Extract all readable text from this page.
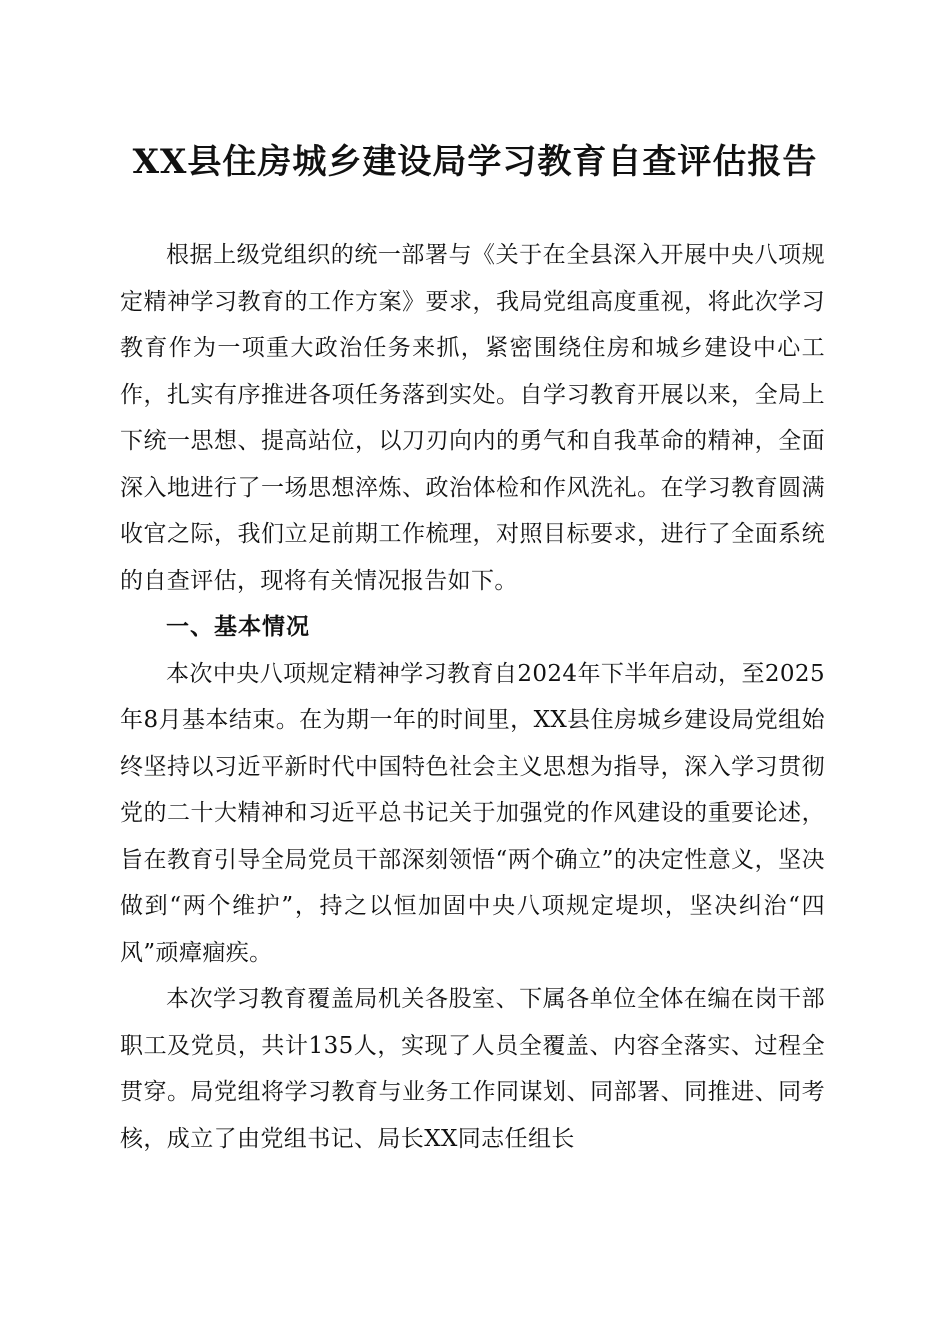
XX县住房城乡建设局学习教育自查评估报告

根据上级党组织的统一部署与《关于在全县深入开展中央八项规定精神学习教育的工作方案》要求，我局党组高度重视，将此次学习教育作为一项重大政治任务来抓，紧密围绕住房和城乡建设中心工作，扎实有序推进各项任务落到实处。自学习教育开展以来，全局上下统一思想、提高站位，以刀刃向内的勇气和自我革命的精神，全面深入地进行了一场思想淬炼、政治体检和作风洗礼。在学习教育圆满收官之际，我们立足前期工作梳理，对照目标要求，进行了全面系统的自查评估，现将有关情况报告如下。

一、基本情况

本次中央八项规定精神学习教育自2024年下半年启动，至2025年8月基本结束。在为期一年的时间里，XX县住房城乡建设局党组始终坚持以习近平新时代中国特色社会主义思想为指导，深入学习贯彻党的二十大精神和习近平总书记关于加强党的作风建设的重要论述，旨在教育引导全局党员干部深刻领悟“两个确立”的决定性意义，坚决做到“两个维护”，持之以恒加固中央八项规定堤坝，坚决纠治“四风”顽瘴痼疾。

本次学习教育覆盖局机关各股室、下属各单位全体在编在岗干部职工及党员，共计135人，实现了人员全覆盖、内容全落实、过程全贯穿。局党组将学习教育与业务工作同谋划、同部署、同推进、同考核，成立了由党组书记、局长XX同志任组长
